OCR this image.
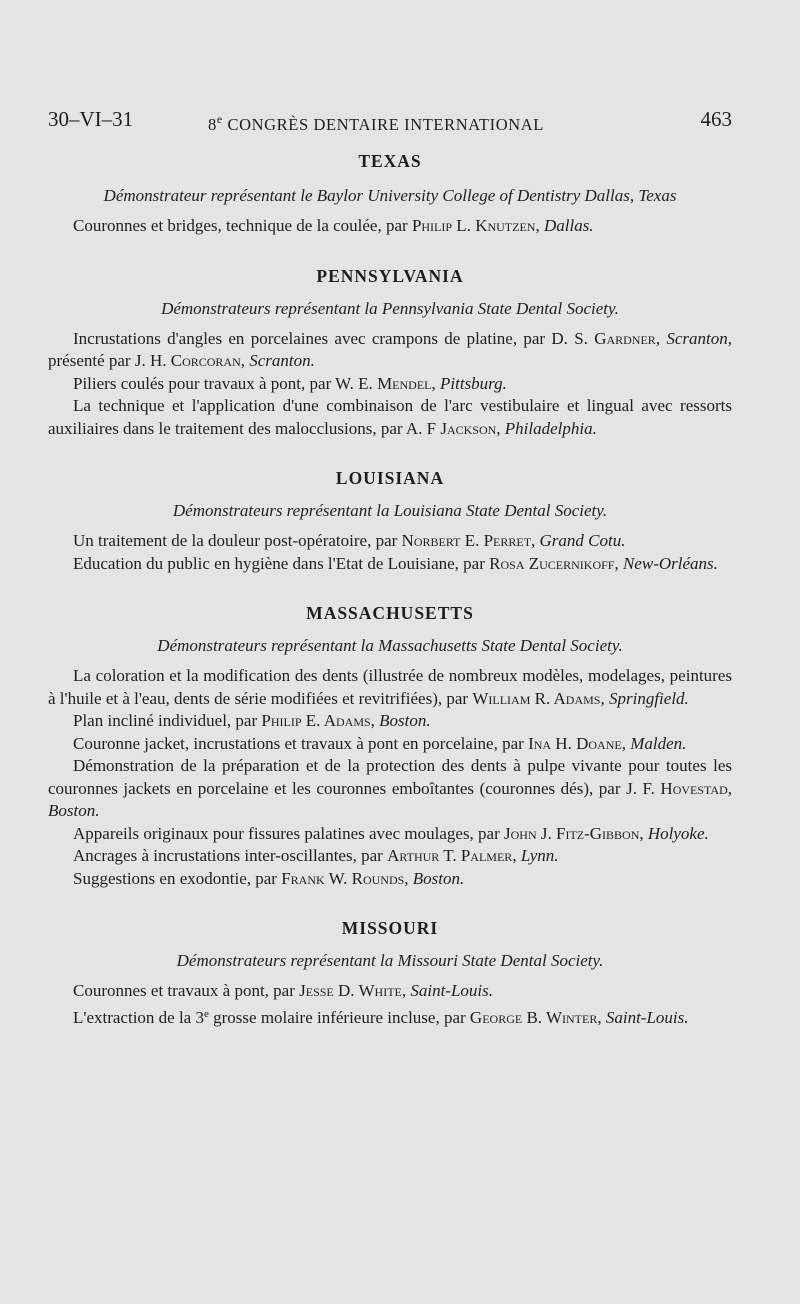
30–VI–31	8e CONGRÈS DENTAIRE INTERNATIONAL	463
TEXAS

Démonstrateur représentant le Baylor University College of Dentistry Dallas, Texas

Couronnes et bridges, technique de la coulée, par Philip L. Knutzen, Dallas.

PENNSYLVANIA

Démonstrateurs représentant la Pennsylvania State Dental Society.

Incrustations d'angles en porcelaines avec crampons de platine, par D. S. Gardner, Scranton, présenté par J. H. Corcoran, Scranton.

Piliers coulés pour travaux à pont, par W. E. Mendel, Pittsburg.

La technique et l'application d'une combinaison de l'arc vestibulaire et lingual avec ressorts auxiliaires dans le traitement des malocclusions, par A. F Jackson, Philadelphia.

LOUISIANA

Démonstrateurs représentant la Louisiana State Dental Society.

Un traitement de la douleur post-opératoire, par Norbert E. Perret, Grand Cotu.

Education du public en hygiène dans l'Etat de Louisiane, par Rosa Zucernikoff, New-Orléans.

MASSACHUSETTS

Démonstrateurs représentant la Massachusetts State Dental Society.

La coloration et la modification des dents (illustrée de nombreux modèles, modelages, peintures à l'huile et à l'eau, dents de série modifiées et revitrifiées), par William R. Adams, Springfield.

Plan incliné individuel, par Philip E. Adams, Boston.

Couronne jacket, incrustations et travaux à pont en porcelaine, par Ina H. Doane, Malden.

Démonstration de la préparation et de la protection des dents à pulpe vivante pour toutes les couronnes jackets en porcelaine et les couronnes emboîtantes (couronnes dés), par J. F. Hovestad, Boston.

Appareils originaux pour fissures palatines avec moulages, par John J. Fitz-Gibbon, Holyoke.

Ancrages à incrustations inter-oscillantes, par Arthur T. Palmer, Lynn.

Suggestions en exodontie, par Frank W. Rounds, Boston.

MISSOURI

Démonstrateurs représentant la Missouri State Dental Society.

Couronnes et travaux à pont, par Jesse D. White, Saint-Louis.

L'extraction de la 3e grosse molaire inférieure incluse, par George B. Winter, Saint-Louis.
